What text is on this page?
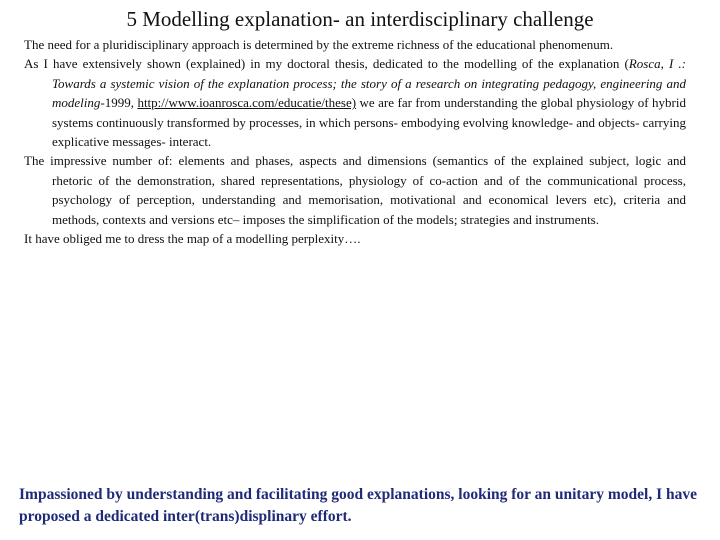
5 Modelling explanation- an interdisciplinary challenge

The need for a pluridisciplinary approach is determined by the extreme richness of the educational phenomenum.

As I have extensively shown (explained) in my doctoral thesis, dedicated to the modelling of the explanation (Rosca, I .: Towards a systemic vision of the explanation process; the story of a research on integrating pedagogy, engineering and modeling-1999, http://www.ioanrosca.com/educatie/these) we are far from understanding the global physiology of hybrid systems continuously transformed by processes, in which persons- embodying evolving knowledge- and objects- carrying explicative messages- interact.

The impressive number of: elements and phases, aspects and dimensions (semantics of the explained subject, logic and rhetoric of the demonstration, shared representations, physiology of co-action and of the communicational process, psychology of perception, understanding and memorisation, motivational and economical levers etc), criteria and methods, contexts and versions etc– imposes the simplification of the models; strategies and instruments.

It have obliged me to dress the map of a modelling perplexity….

Impassioned by understanding and facilitating good explanations, looking for an unitary model, I have proposed a dedicated inter(trans)displinary effort.
